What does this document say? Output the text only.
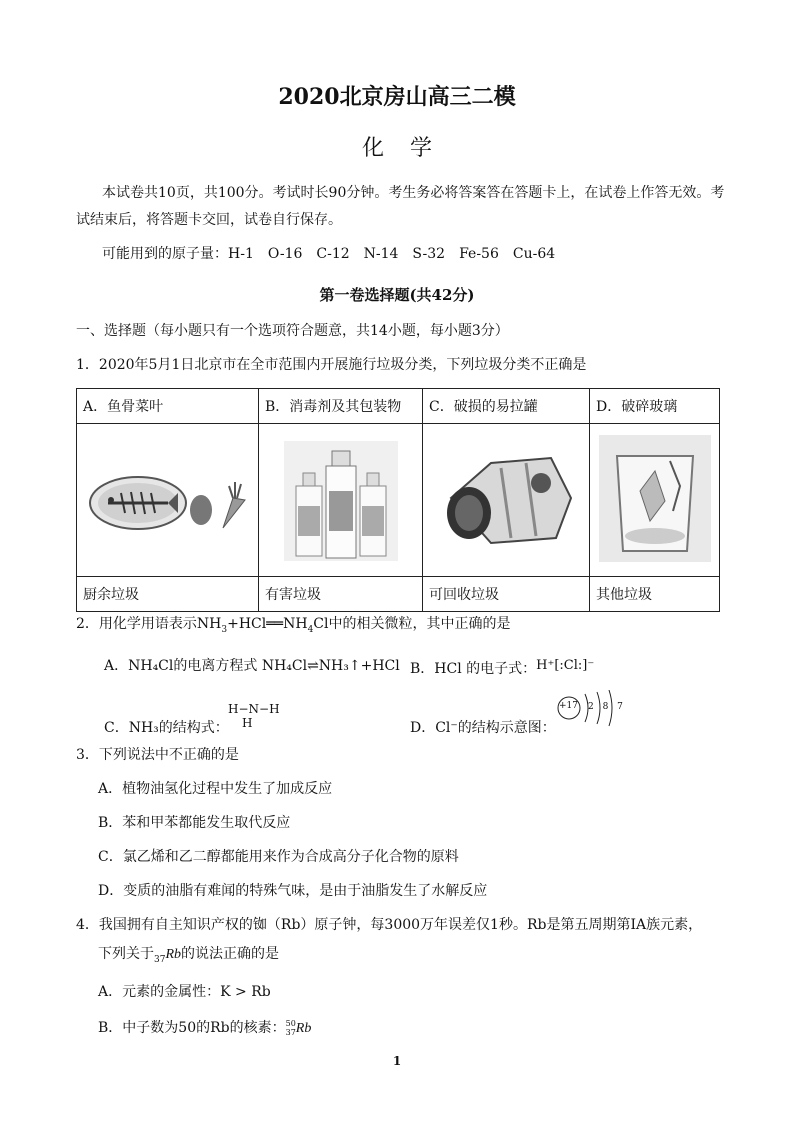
2020北京房山高三二模
化学
本试卷共10页，共100分。考试时长90分钟。考生务必将答案答在答题卡上，在试卷上作答无效。考
试结束后，将答题卡交回，试卷自行保存。
可能用到的原子量：H-1　O-16　C-12　N-14　S-32　Fe-56　Cu-64
第一卷选择题(共42分)
一、选择题（每小题只有一个选项符合题意，共14小题，每小题3分）
1．2020年5月1日北京市在全市范围内开展施行垃圾分类，下列垃圾分类不正确是
A．鱼骨菜叶	B．消毒剂及其包装物	C．破损的易拉罐	D．破碎玻璃

厨余垃圾	有害垃圾	可回收垃圾	其他垃圾
2．用化学用语表示$NH_3+HCl══NH_4Cl$中的相关微粒，其中正确的是
A．NH₄Cl的电离方程式 NH₄Cl⇌NH₃↑+HCl B．HCl 的电子式：H⁺[:Cl:]⁻
H−N−H
H
C．NH₃的结构式：	D．Cl⁻的结构示意图：
+17 2 8 7
3．下列说法中不正确的是
A．植物油氢化过程中发生了加成反应
B．苯和甲苯都能发生取代反应
C．氯乙烯和乙二醇都能用来作为合成高分子化合物的原料
D．变质的油脂有难闻的特殊气味，是由于油脂发生了水解反应
4．我国拥有自主知识产权的铷（Rb）原子钟，每3000万年误差仅1秒。Rb是第五周期第ⅠA族元素，
下列关于$_{37}$Rb的说法正确的是
A．元素的金属性：K > Rb
B．中子数为50的Rb的核素：50
37Rb
1
